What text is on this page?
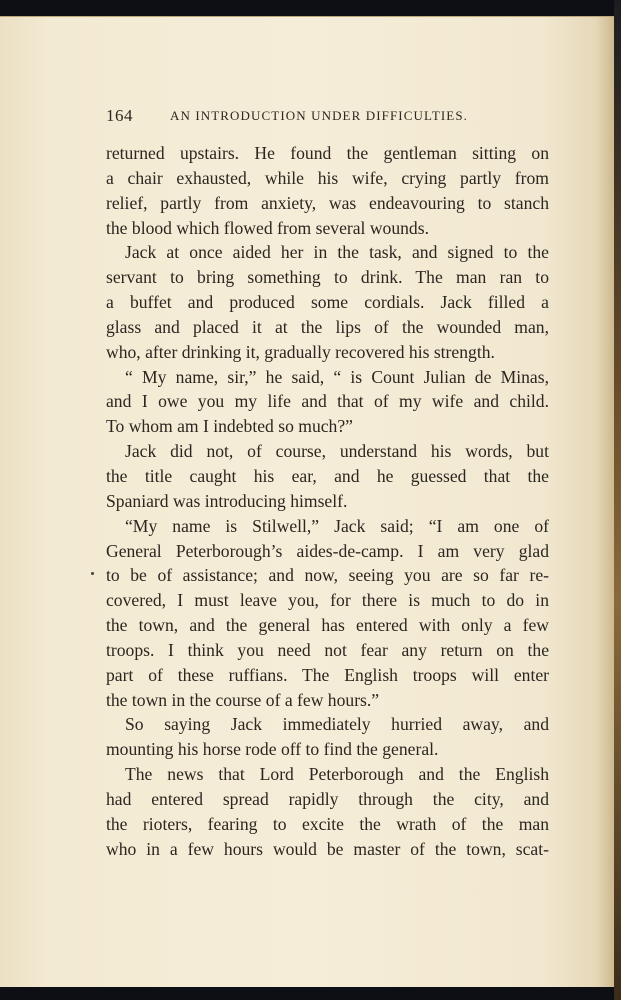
164	AN INTRODUCTION UNDER DIFFICULTIES.
returned upstairs. He found the gentleman sitting on
a chair exhausted, while his wife, crying partly from
relief, partly from anxiety, was endeavouring to stanch
the blood which flowed from several wounds.
Jack at once aided her in the task, and signed to the
servant to bring something to drink. The man ran to
a buffet and produced some cordials. Jack filled a
glass and placed it at the lips of the wounded man,
who, after drinking it, gradually recovered his strength.
“ My name, sir,” he said, “ is Count Julian de Minas,
and I owe you my life and that of my wife and child.
To whom am I indebted so much?”
Jack did not, of course, understand his words, but
the title caught his ear, and he guessed that the
Spaniard was introducing himself.
“My name is Stilwell,” Jack said; “I am one of
General Peterborough’s aides-de-camp. I am very glad
to be of assistance; and now, seeing you are so far re-
covered, I must leave you, for there is much to do in
the town, and the general has entered with only a few
troops. I think you need not fear any return on the
part of these ruffians. The English troops will enter
the town in the course of a few hours.”
So saying Jack immediately hurried away, and
mounting his horse rode off to find the general.
The news that Lord Peterborough and the English
had entered spread rapidly through the city, and
the rioters, fearing to excite the wrath of the man
who in a few hours would be master of the town, scat-
